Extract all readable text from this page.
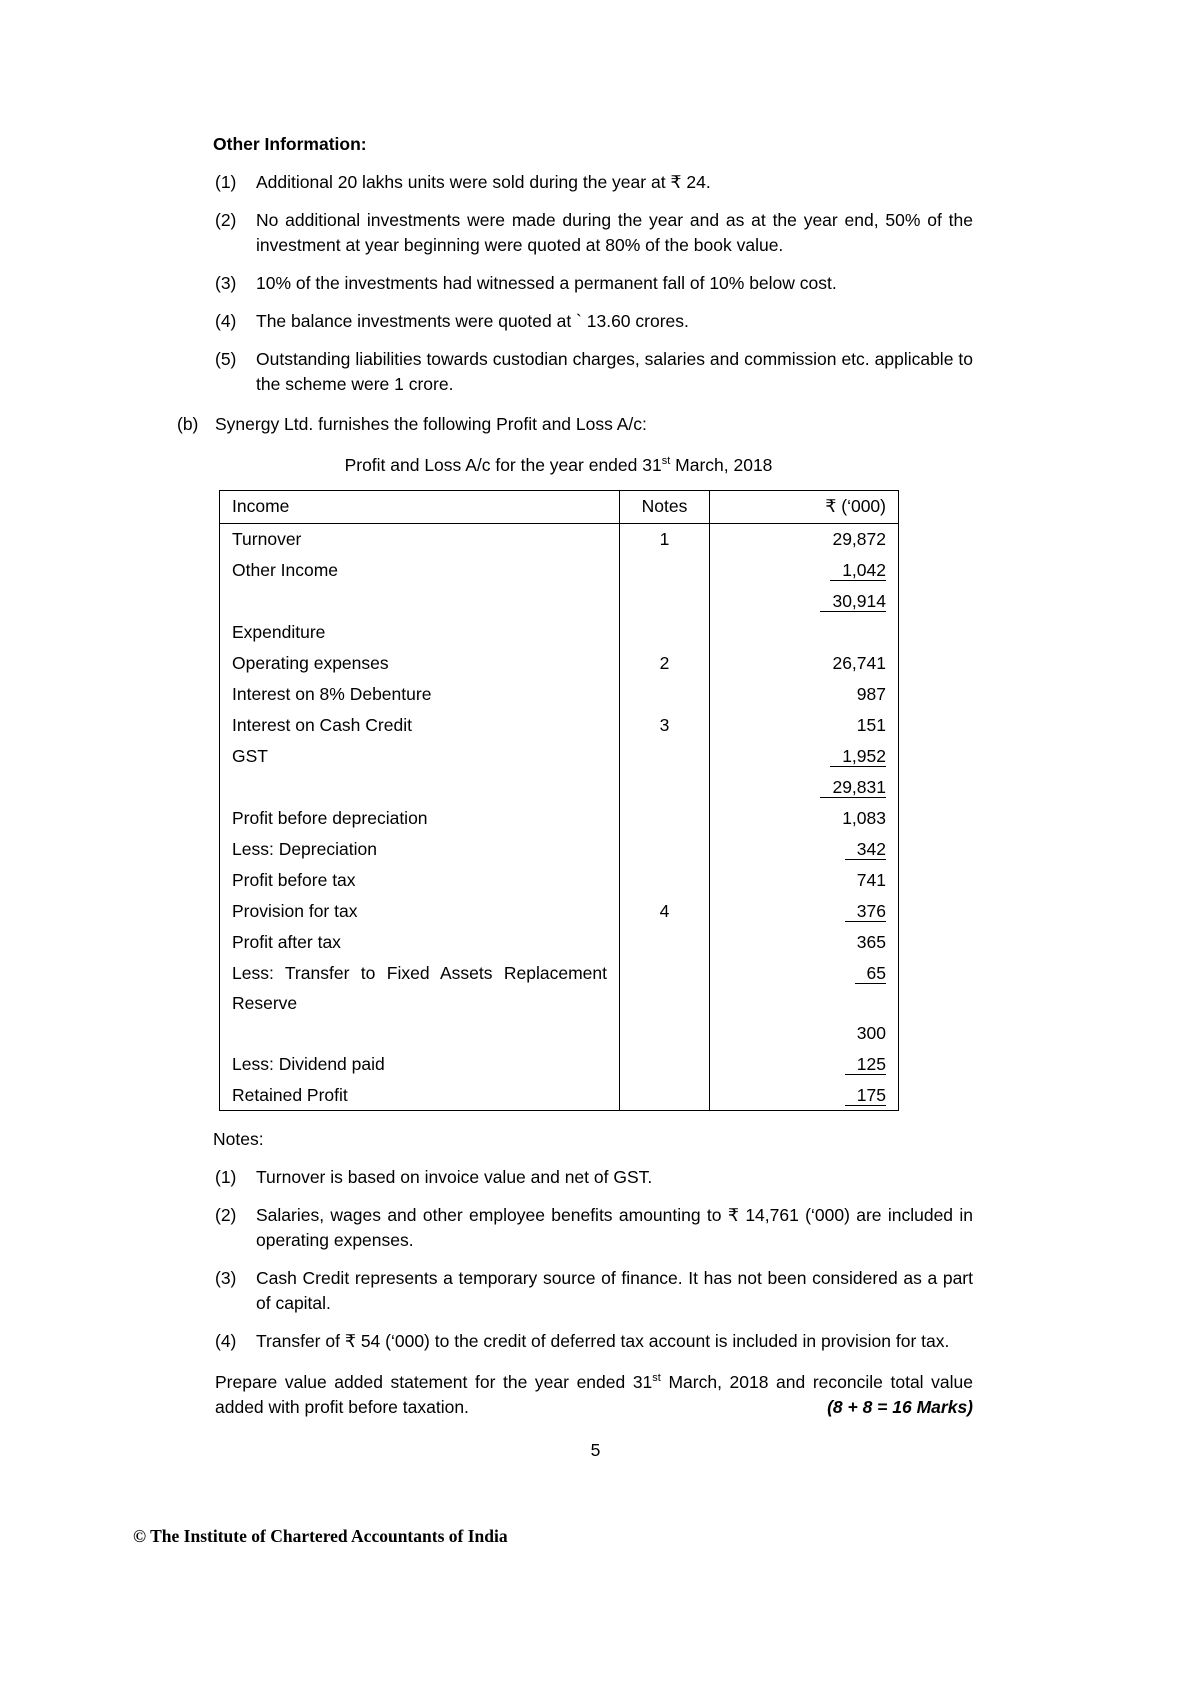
Other Information:
(1)	Additional 20 lakhs units were sold during the year at ₹ 24.
(2)	No additional investments were made during the year and as at the year end, 50% of the investment at year beginning were quoted at 80% of the book value.
(3)	10% of the investments had witnessed a permanent fall of 10% below cost.
(4)	The balance investments were quoted at ` 13.60 crores.
(5)	Outstanding liabilities towards custodian charges, salaries and commission etc. applicable to the scheme were 1 crore.
(b) Synergy Ltd. furnishes the following Profit and Loss A/c:
Profit and Loss A/c for the year ended 31st March, 2018
Income	Notes	₹ (‘000)
Turnover	1	29,872
Other Income		1,042
		30,914
Expenditure		
Operating expenses	2	26,741
Interest on 8% Debenture		987
Interest on Cash Credit	3	151
GST		1,952
		29,831
Profit before depreciation		1,083
Less: Depreciation		342
Profit before tax		741
Provision for tax	4	376
Profit after tax		365
Less: Transfer to Fixed Assets Replacement Reserve		65
		300
Less: Dividend paid		125
Retained Profit		175
Notes:
(1)	Turnover is based on invoice value and net of GST.
(2)	Salaries, wages and other employee benefits amounting to ₹ 14,761 (‘000) are included in operating expenses.
(3)	Cash Credit represents a temporary source of finance. It has not been considered as a part of capital.
(4)	Transfer of ₹ 54 (‘000) to the credit of deferred tax account is included in provision for tax.
Prepare value added statement for the year ended 31st March, 2018 and reconcile total value added with profit before taxation.	(8 + 8 = 16 Marks)
5
© The Institute of Chartered Accountants of India
